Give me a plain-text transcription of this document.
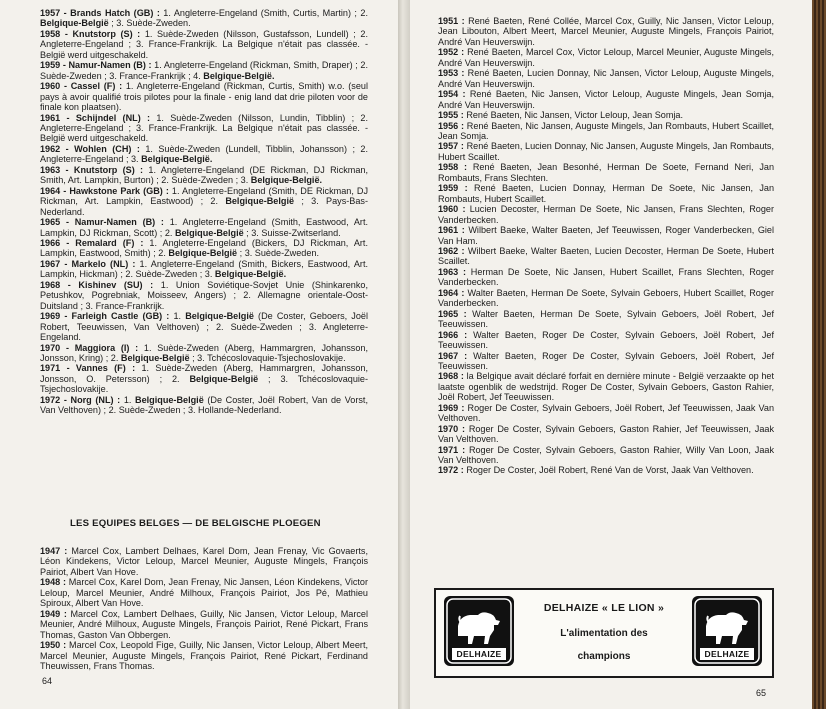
1957 - Brands Hatch (GB) : 1. Angleterre-Engeland (Smith, Curtis, Martin) ; 2. Belgique-België ; 3. Suède-Zweden.

1958 - Knutstorp (S) : 1. Suède-Zweden (Nilsson, Gustafsson, Lundell) ; 2. Angleterre-Engeland ; 3. France-Frankrijk. La Belgique n'était pas classée. - België werd uitgeschakeld.

1959 - Namur-Namen (B) : 1. Angleterre-Engeland (Rickman, Smith, Draper) ; 2. Suède-Zweden ; 3. France-Frankrijk ; 4. Belgique-België.

1960 - Cassel (F) : 1. Angleterre-Engeland (Rickman, Curtis, Smith) w.o. (seul pays à avoir qualifié trois pilotes pour la finale - enig land dat drie piloten voor de finale kon plaatsen).

1961 - Schijndel (NL) : 1. Suède-Zweden (Nilsson, Lundin, Tibblin) ; 2. Angleterre-Engeland ; 3. France-Frankrijk. La Belgique n'était pas classée. - België werd uitgeschakeld.

1962 - Wohlen (CH) : 1. Suède-Zweden (Lundell, Tibblin, Johansson) ; 2. Angleterre-Engeland ; 3. Belgique-België.

1963 - Knutstorp (S) : 1. Angleterre-Engeland (DE Rickman, DJ Rickman, Smith, Art. Lampkin, Burton) ; 2. Suède-Zweden ; 3. Belgique-België.

1964 - Hawkstone Park (GB) : 1. Angleterre-Engeland (Smith, DE Rickman, DJ Rickman, Art. Lampkin, Eastwood) ; 2. Belgique-België ; 3. Pays-Bas-Nederland.

1965 - Namur-Namen (B) : 1. Angleterre-Engeland (Smith, Eastwood, Art. Lampkin, DJ Rickman, Scott) ; 2. Belgique-België ; 3. Suisse-Zwitserland.

1966 - Remalard (F) : 1. Angleterre-Engeland (Bickers, DJ Rickman, Art. Lampkin, Eastwood, Smith) ; 2. Belgique-België ; 3. Suède-Zweden.

1967 - Markelo (NL) : 1. Angleterre-Engeland (Smith, Bickers, Eastwood, Art. Lampkin, Hickman) ; 2. Suède-Zweden ; 3. Belgique-België.

1968 - Kishinev (SU) : 1. Union Soviétique-Sovjet Unie (Shinkarenko, Petushkov, Pogrebniak, Moisseev, Angers) ; 2. Allemagne orientale-Oost-Duitsland ; 3. France-Frankrijk.

1969 - Farleigh Castle (GB) : 1. Belgique-België (De Coster, Geboers, Joël Robert, Teeuwissen, Van Velthoven) ; 2. Suède-Zweden ; 3. Angleterre-Engeland.

1970 - Maggiora (I) : 1. Suède-Zweden (Aberg, Hammargren, Johansson, Jonsson, Kring) ; 2. Belgique-België ; 3. Tchécoslovaquie-Tsjechoslovakije.

1971 - Vannes (F) : 1. Suède-Zweden (Aberg, Hammargren, Johansson, Jonsson, O. Petersson) ; 2. Belgique-België ; 3. Tchécoslovaquie-Tsjechoslovakije.

1972 - Norg (NL) : 1. Belgique-België (De Coster, Joël Robert, Van de Vorst, Van Velthoven) ; 2. Suède-Zweden ; 3. Hollande-Nederland.

LES EQUIPES BELGES — DE BELGISCHE PLOEGEN

1947 : Marcel Cox, Lambert Delhaes, Karel Dom, Jean Frenay, Vic Govaerts, Léon Kindekens, Victor Leloup, Marcel Meunier, Auguste Mingels, François Pairiot, Albert Van Hove.

1948 : Marcel Cox, Karel Dom, Jean Frenay, Nic Jansen, Léon Kindekens, Victor Leloup, Marcel Meunier, André Milhoux, François Pairiot, Jos Pé, Mathieu Spiroux, Albert Van Hove.

1949 : Marcel Cox, Lambert Delhaes, Guilly, Nic Jansen, Victor Leloup, Marcel Meunier, André Milhoux, Auguste Mingels, François Pairiot, René Pickart, Frans Thomas, Gaston Van Obbergen.

1950 : Marcel Cox, Leopold Fige, Guilly, Nic Jansen, Victor Leloup, Albert Meert, Marcel Meunier, Auguste Mingels, François Pairiot, René Pickart, Ferdinand Theuwissen, Frans Thomas.

64

1951 : René Baeten, René Collée, Marcel Cox, Guilly, Nic Jansen, Victor Leloup, Jean Libouton, Albert Meert, Marcel Meunier, Auguste Mingels, François Pairiot, André Van Heuverswijn.

1952 : René Baeten, Marcel Cox, Victor Leloup, Marcel Meunier, Auguste Mingels, André Van Heuverswijn.

1953 : René Baeten, Lucien Donnay, Nic Jansen, Victor Leloup, Auguste Mingels, André Van Heuverswijn.

1954 : René Baeten, Nic Jansen, Victor Leloup, Auguste Mingels, Jean Somja, André Van Heuverswijn.

1955 : René Baeten, Nic Jansen, Victor Leloup, Jean Somja.

1956 : René Baeten, Nic Jansen, Auguste Mingels, Jan Rombauts, Hubert Scaillet, Jean Somja.

1957 : René Baeten, Lucien Donnay, Nic Jansen, Auguste Mingels, Jan Rombauts, Hubert Scaillet.

1958 : René Baeten, Jean Besonhé, Herman De Soete, Fernand Neri, Jan Rombauts, Frans Slechten.

1959 : René Baeten, Lucien Donnay, Herman De Soete, Nic Jansen, Jan Rombauts, Hubert Scaillet.

1960 : Lucien Decoster, Herman De Soete, Nic Jansen, Frans Slechten, Roger Vanderbecken.

1961 : Wilbert Baeke, Walter Baeten, Jef Teeuwissen, Roger Vanderbecken, Giel Van Ham.

1962 : Wilbert Baeke, Walter Baeten, Lucien Decoster, Herman De Soete, Hubert Scaillet.

1963 : Herman De Soete, Nic Jansen, Hubert Scaillet, Frans Slechten, Roger Vanderbecken.

1964 : Walter Baeten, Herman De Soete, Sylvain Geboers, Hubert Scaillet, Roger Vanderbecken.

1965 : Walter Baeten, Herman De Soete, Sylvain Geboers, Joël Robert, Jef Teeuwissen.

1966 : Walter Baeten, Roger De Coster, Sylvain Geboers, Joël Robert, Jef Teeuwissen.

1967 : Walter Baeten, Roger De Coster, Sylvain Geboers, Joël Robert, Jef Teeuwissen.

1968 : la Belgique avait déclaré forfait en dernière minute - België verzaakte op het laatste ogenblik de wedstrijd. Roger De Coster, Sylvain Geboers, Gaston Rahier, Joël Robert, Jef Teeuwissen.

1969 : Roger De Coster, Sylvain Geboers, Joël Robert, Jef Teeuwissen, Jaak Van Velthoven.

1970 : Roger De Coster, Sylvain Geboers, Gaston Rahier, Jef Teeuwissen, Jaak Van Velthoven.

1971 : Roger De Coster, Sylvain Geboers, Gaston Rahier, Willy Van Loon, Jaak Van Velthoven.

1972 : Roger De Coster, Joël Robert, René Van de Vorst, Jaak Van Velthoven.

DELHAIZE
DELHAIZE « LE LION »
L'alimentation des
champions	DELHAIZE
65
